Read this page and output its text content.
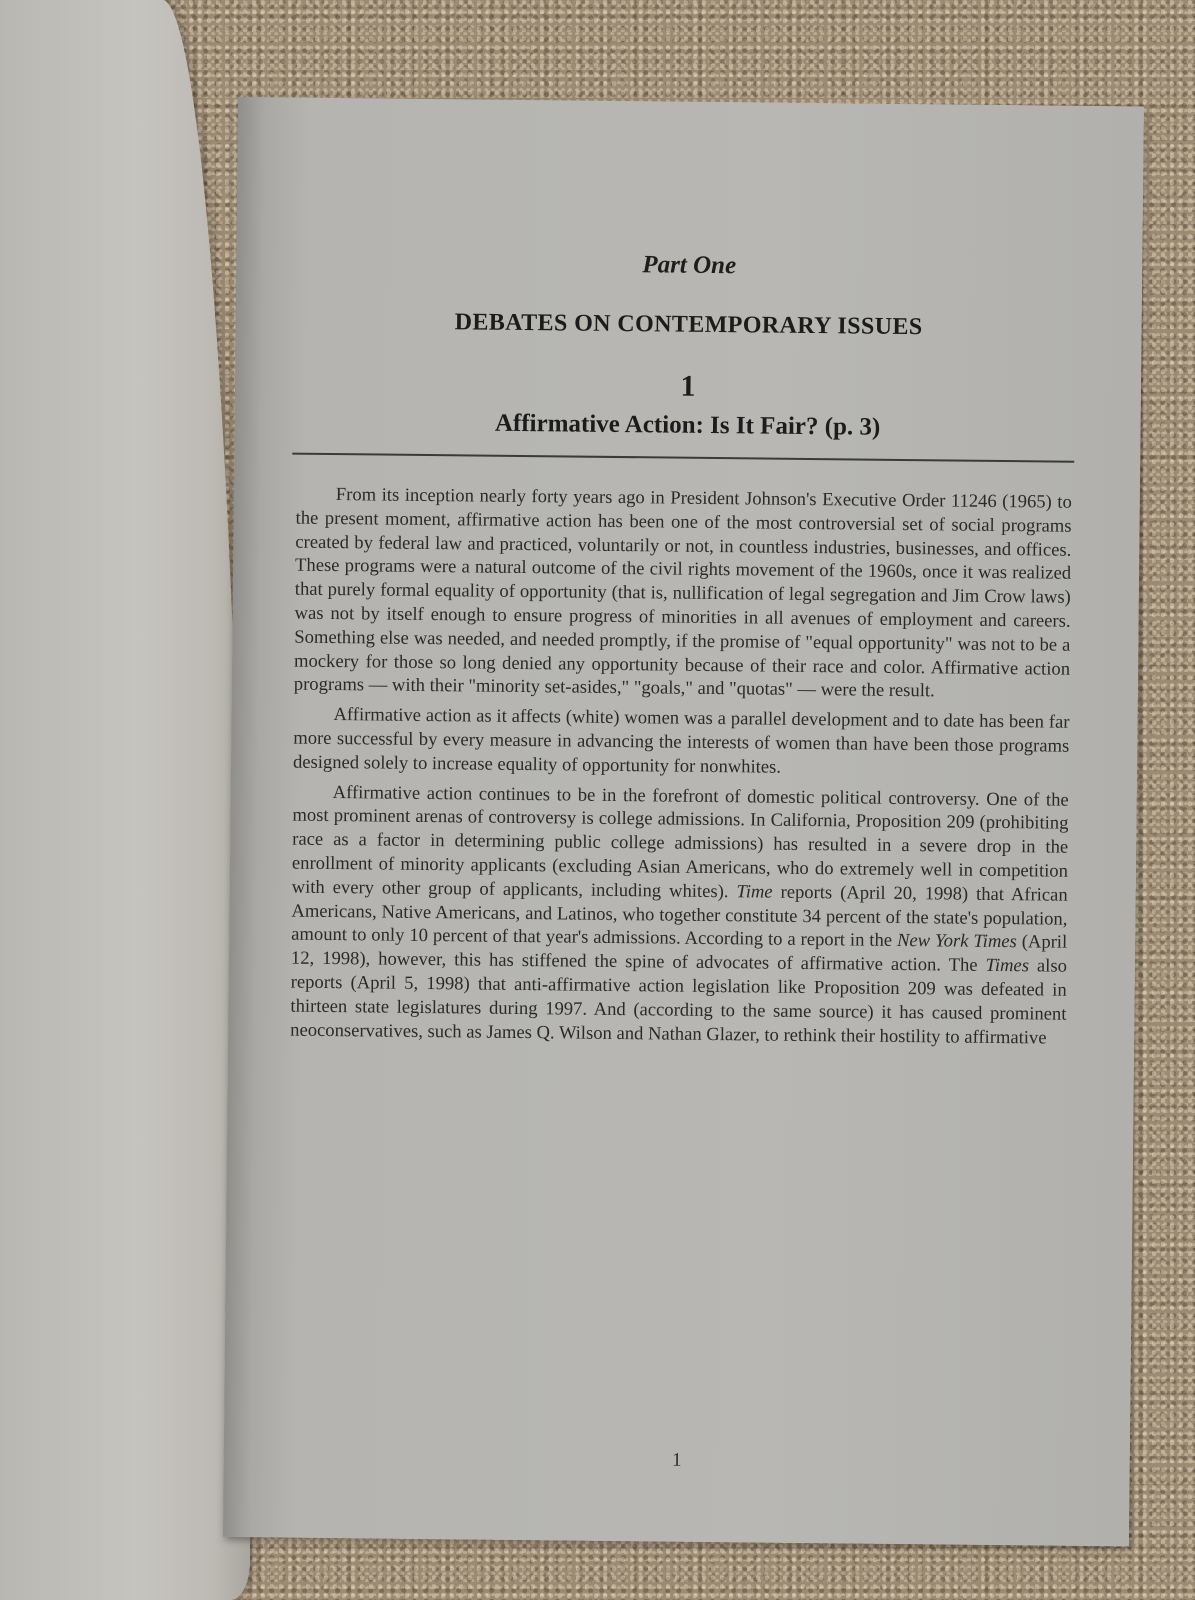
Part One
DEBATES ON CONTEMPORARY ISSUES
1
Affirmative Action: Is It Fair? (p. 3)

From its inception nearly forty years ago in President Johnson's Executive Order 11246 (1965) to the present moment, affirmative action has been one of the most controversial set of social programs created by federal law and practiced, voluntarily or not, in countless industries, businesses, and offices. These programs were a natural outcome of the civil rights movement of the 1960s, once it was realized that purely formal equality of opportunity (that is, nullification of legal segregation and Jim Crow laws) was not by itself enough to ensure progress of minorities in all avenues of employment and careers. Something else was needed, and needed promptly, if the promise of "equal opportunity" was not to be a mockery for those so long denied any opportunity because of their race and color. Affirmative action programs — with their "minority set-asides," "goals," and "quotas" — were the result.

Affirmative action as it affects (white) women was a parallel development and to date has been far more successful by every measure in advancing the interests of women than have been those programs designed solely to increase equality of opportunity for nonwhites.

Affirmative action continues to be in the forefront of domestic political controversy. One of the most prominent arenas of controversy is college admissions. In California, Proposition 209 (prohibiting race as a factor in determining public college admissions) has resulted in a severe drop in the enrollment of minority applicants (excluding Asian Americans, who do extremely well in competition with every other group of applicants, including whites). Time reports (April 20, 1998) that African Americans, Native Americans, and Latinos, who together constitute 34 percent of the state's population, amount to only 10 percent of that year's admissions. According to a report in the New York Times (April 12, 1998), however, this has stiffened the spine of advocates of affirmative action. The Times also reports (April 5, 1998) that anti-affirmative action legislation like Proposition 209 was defeated in thirteen state legislatures during 1997. And (according to the same source) it has caused prominent neoconservatives, such as James Q. Wilson and Nathan Glazer, to rethink their hostility to affirmative

1
